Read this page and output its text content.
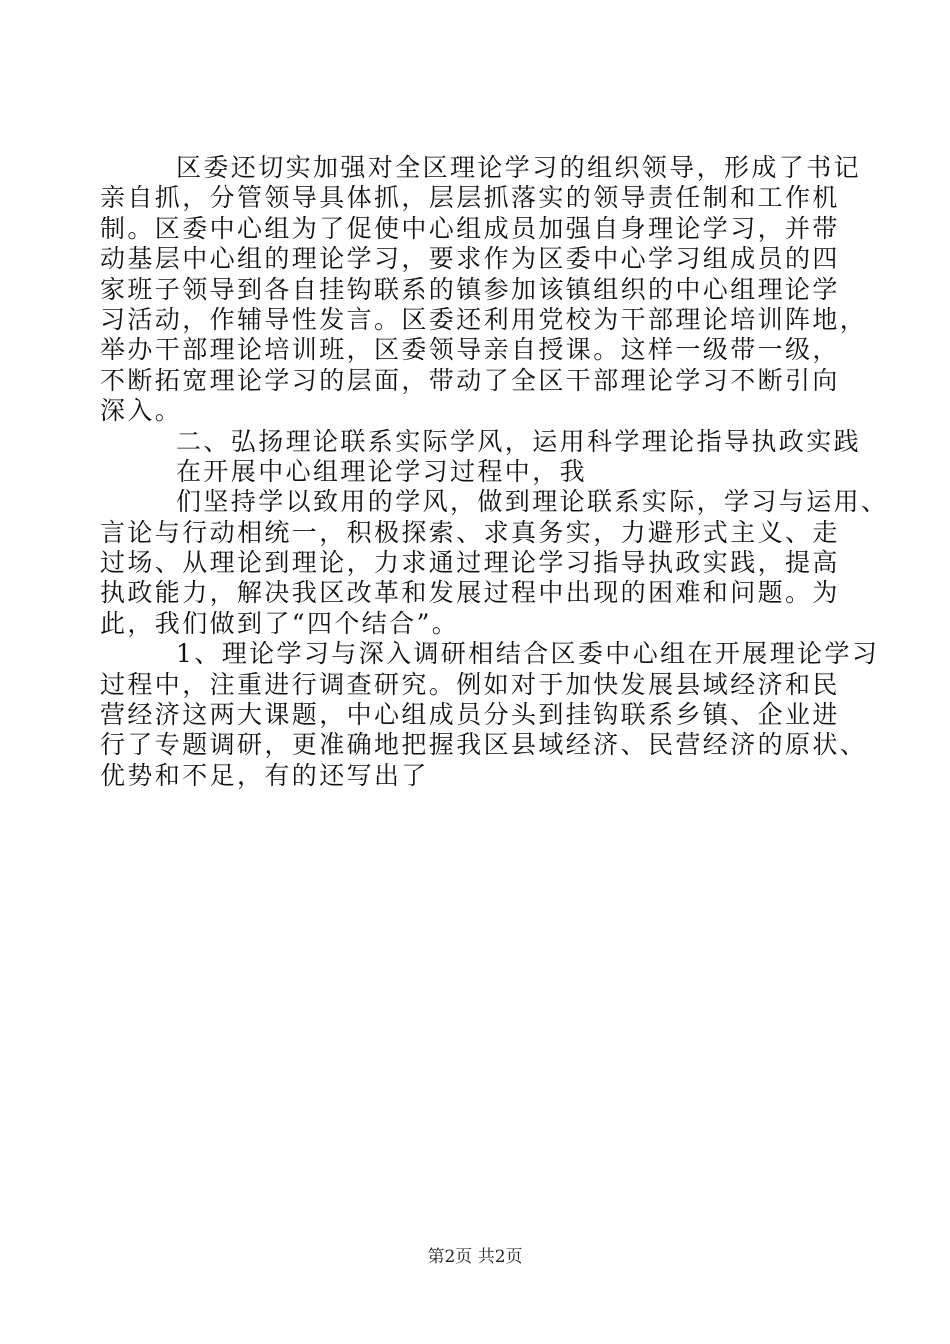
区委还切实加强对全区理论学习的组织领导，形成了书记
亲自抓，分管领导具体抓，层层抓落实的领导责任制和工作机
制。区委中心组为了促使中心组成员加强自身理论学习，并带
动基层中心组的理论学习，要求作为区委中心学习组成员的四
家班子领导到各自挂钩联系的镇参加该镇组织的中心组理论学
习活动，作辅导性发言。区委还利用党校为干部理论培训阵地，
举办干部理论培训班，区委领导亲自授课。这样一级带一级，
不断拓宽理论学习的层面，带动了全区干部理论学习不断引向
深入。
二、弘扬理论联系实际学风，运用科学理论指导执政实践
在开展中心组理论学习过程中，我
们坚持学以致用的学风，做到理论联系实际，学习与运用、
言论与行动相统一，积极探索、求真务实，力避形式主义、走
过场、从理论到理论，力求通过理论学习指导执政实践，提高
执政能力，解决我区改革和发展过程中出现的困难和问题。为
此，我们做到了“四个结合”。
1、理论学习与深入调研相结合区委中心组在开展理论学习
过程中，注重进行调查研究。例如对于加快发展县域经济和民
营经济这两大课题，中心组成员分头到挂钩联系乡镇、企业进
行了专题调研，更准确地把握我区县域经济、民营经济的原状、
优势和不足，有的还写出了
第2页 共2页
